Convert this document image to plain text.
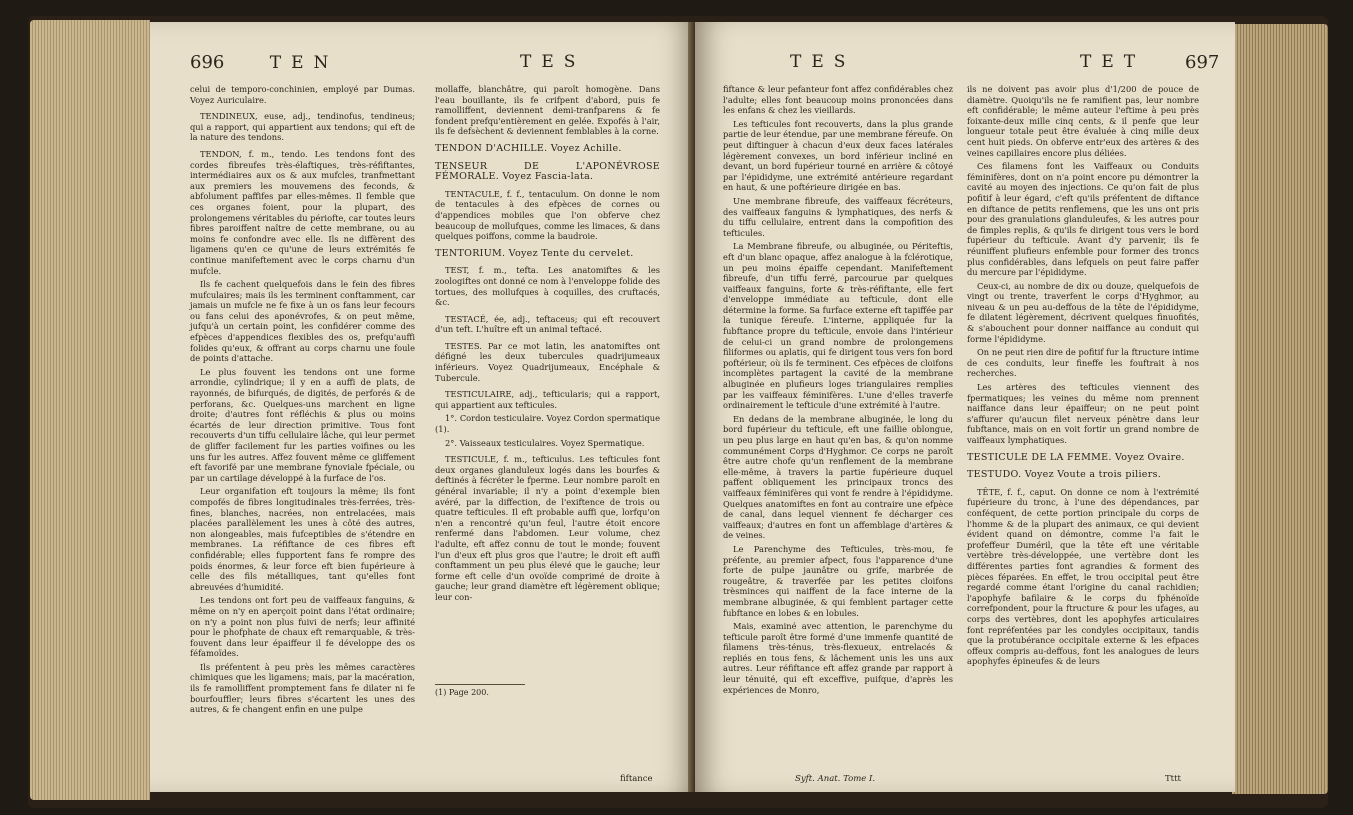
696	TEN	TES

celui de temporo-conchinien, employé par Dumas. Voyez Auriculaire.

TENDINEUX, euse, adj., tendinofus, tendineus; qui a rapport, qui appartient aux tendons; qui eft de la nature des tendons.

TENDON, f. m., tendo. Les tendons font des cordes fibreufes très-élaftiques, très-réfiftantes, intermédiaires aux os & aux mufcles, tranfmettant aux premiers les mouvemens des feconds, & abfolument paffifes par elles-mêmes. Il femble que ces organes foient, pour la plupart, des prolongemens véritables du périofte, car toutes leurs fibres paroiffent naître de cette membrane, ou au moins fe confondre avec elle. Ils ne diffèrent des ligamens qu'en ce qu'une de leurs extrémités fe continue manifeftement avec le corps charnu d'un mufcle.

Ils fe cachent quelquefois dans le fein des fibres mufculaires; mais ils les terminent conftamment, car jamais un mufcle ne fe fixe à un os fans leur fecours ou fans celui des aponévrofes, & on peut même, jufqu'à un certain point, les confidérer comme des efpèces d'appendices flexibles des os, prefqu'auffi folides qu'eux, & offrant au corps charnu une foule de points d'attache.

Le plus fouvent les tendons ont une forme arrondie, cylindrique; il y en a auffi de plats, de rayonnés, de bifurqués, de digités, de perforés & de perforans, &c. Quelques-uns marchent en ligne droite; d'autres font réfléchis & plus ou moins écartés de leur direction primitive. Tous font recouverts d'un tiffu cellulaire lâche, qui leur permet de gliffer facilement fur les parties voifines ou les uns fur les autres. Affez fouvent même ce gliffement eft favorifé par une membrane fynoviale fpéciale, ou par un cartilage développé à la furface de l'os.

Leur organifation eft toujours la même; ils font compofés de fibres longitudinales très-ferrées, très-fines, blanches, nacrées, non entrelacées, mais placées parallèlement les unes à côté des autres, non alongeables, mais fufceptibles de s'étendre en membranes. La réfiftance de ces fibres eft confidérable; elles fupportent fans fe rompre des poids énormes, & leur force eft bien fupérieure à celle des fils métalliques, tant qu'elles font abreuvées d'humidité.

Les tendons ont fort peu de vaiffeaux fanguins, & même on n'y en aperçoit point dans l'état ordinaire; on n'y a point non plus fuivi de nerfs; leur affinité pour le phofphate de chaux eft remarquable, & très-fouvent dans leur épaiffeur il fe développe des os féfamoïdes.

Ils préfentent à peu près les mêmes caractères chimiques que les ligamens; mais, par la macération, ils fe ramolliffent promptement fans fe dilater ni fe bourfouffler; leurs fibres s'écartent les unes des autres, & fe changent enfin en une pulpe

mollaffe, blanchâtre, qui paroît homogène. Dans l'eau bouillante, ils fe crifpent d'abord, puis fe ramolliffent, deviennent demi-tranfparens & fe fondent prefqu'entièrement en gelée. Expofés à l'air, ils fe defsèchent & deviennent femblables à la corne.

TENDON D'ACHILLE. Voyez Achille.

TENSEUR DE L'APONÉVROSE FÉMORALE. Voyez Fascia-lata.

TENTACULE, f. f., tentaculum. On donne le nom de tentacules à des efpèces de cornes ou d'appendices mobiles que l'on obferve chez beaucoup de mollufques, comme les limaces, & dans quelques poiffons, comme la baudroie.

TENTORIUM. Voyez Tente du cervelet.

TEST, f. m., tefta. Les anatomiftes & les zoologiftes ont donné ce nom à l'enveloppe folide des tortues, des mollufques à coquilles, des cruftacés, &c.

TESTACÉ, ée, adj., teftaceus; qui eft recouvert d'un teft. L'huître eft un animal teftacé.

TESTES. Par ce mot latin, les anatomiftes ont défigné les deux tubercules quadrijumeaux inférieurs. Voyez Quadrijumeaux, Encéphale & Tubercule.

TESTICULAIRE, adj., tefticularis; qui a rapport, qui appartient aux tefticules.

1°. Cordon testiculaire. Voyez Cordon spermatique (1).

2°. Vaisseaux testiculaires. Voyez Spermatique.

TESTICULE, f. m., tefticulus. Les tefticules font deux organes glanduleux logés dans les bourfes & deftinés à fécréter le fperme. Leur nombre paroît en général invariable; il n'y a point d'exemple bien avéré, par la diffection, de l'exiftence de trois ou quatre tefticules. Il eft probable auffi que, lorfqu'on n'en a rencontré qu'un feul, l'autre étoit encore renfermé dans l'abdomen. Leur volume, chez l'adulte, eft affez connu de tout le monde; fouvent l'un d'eux eft plus gros que l'autre; le droit eft auffi conftamment un peu plus élevé que le gauche; leur forme eft celle d'un ovoïde comprimé de droite à gauche; leur grand diamètre eft légèrement oblique; leur con-

(1) Page 200.
fiftance
TES	TET 697

fiftance & leur pefanteur font affez confidérables chez l'adulte; elles font beaucoup moins prononcées dans les enfans & chez les vieillards.

Les tefticules font recouverts, dans la plus grande partie de leur étendue, par une membrane féreufe. On peut diftinguer à chacun d'eux deux faces latérales légèrement convexes, un bord inférieur incliné en devant, un bord fupérieur tourné en arrière & côtoyé par l'épididyme, une extrémité antérieure regardant en haut, & une poftérieure dirigée en bas.

Une membrane fibreufe, des vaiffeaux fécréteurs, des vaiffeaux fanguins & lymphatiques, des nerfs & du tiffu cellulaire, entrent dans la compofition des tefticules.

La Membrane fibreufe, ou albuginée, ou Périteftis, eft d'un blanc opaque, affez analogue à la fclérotique, un peu moins épaiffe cependant. Manifeftement fibreufe, d'un tiffu ferré, parcourue par quelques vaiffeaux fanguins, forte & très-réfiftante, elle fert d'enveloppe immédiate au tefticule, dont elle détermine la forme. Sa furface externe eft tapiffée par la tunique féreufe. L'interne, appliquée fur la fubftance propre du tefticule, envoie dans l'intérieur de celui-ci un grand nombre de prolongemens filiformes ou aplatis, qui fe dirigent tous vers fon bord poftérieur, où ils fe terminent. Ces efpèces de cloifons incomplètes partagent la cavité de la membrane albuginée en plufieurs loges triangulaires remplies par les vaiffeaux féminifères. L'une d'elles traverfe ordinairement le tefticule d'une extrémité à l'autre.

En dedans de la membrane albuginée, le long du bord fupérieur du tefticule, eft une faillie oblongue, un peu plus large en haut qu'en bas, & qu'on nomme communément Corps d'Hyghmor. Ce corps ne paroît être autre chofe qu'un renflement de la membrane elle-même, à travers la partie fupérieure duquel paffent obliquement les principaux troncs des vaiffeaux féminifères qui vont fe rendre à l'épididyme. Quelques anatomiftes en font au contraire une efpèce de canal, dans lequel viennent fe décharger ces vaiffeaux; d'autres en font un affemblage d'artères & de veines.

Le Parenchyme des Tefticules, très-mou, fe préfente, au premier afpect, fous l'apparence d'une forte de pulpe jaunâtre ou grife, marbrée de rougeâtre, & traverfée par les petites cloifons trèsminces qui naiffent de la face interne de la membrane albuginée, & qui femblent partager cette fubftance en lobes & en lobules.

Mais, examiné avec attention, le parenchyme du tefticule paroît être formé d'une immenfe quantité de filamens très-ténus, très-flexueux, entrelacés & repliés en tous fens, & lâchement unis les uns aux autres. Leur réfiftance eft affez grande par rapport à leur ténuité, qui eft exceffive, puifque, d'après les expériences de Monro,

ils ne doivent pas avoir plus d'1/200 de pouce de diamètre. Quoiqu'ils ne fe ramifient pas, leur nombre eft confidérable; le même auteur l'eftime à peu près foixante-deux mille cinq cents, & il penfe que leur longueur totale peut être évaluée à cinq mille deux cent huit pieds. On obferve entr'eux des artères & des veines capillaires encore plus déliées.

Ces filamens font les Vaiffeaux ou Conduits féminifères, dont on n'a point encore pu démontrer la cavité au moyen des injections. Ce qu'on fait de plus pofitif à leur égard, c'eft qu'ils préfentent de diftance en diftance de petits renflemens, que les uns ont pris pour des granulations glanduleufes, & les autres pour de fimples replis, & qu'ils fe dirigent tous vers le bord fupérieur du tefticule. Avant d'y parvenir, ils fe réuniffent plufieurs enfemble pour former des troncs plus confidérables, dans lefquels on peut faire paffer du mercure par l'épididyme.

Ceux-ci, au nombre de dix ou douze, quelquefois de vingt ou trente, traverfent le corps d'Hyghmor, au niveau & un peu au-deffous de la tête de l'épididyme, fe dilatent légèrement, décrivent quelques finuofités, & s'abouchent pour donner naiffance au conduit qui forme l'épididyme.

On ne peut rien dire de pofitif fur la ftructure intime de ces conduits, leur fineffe les fouftrait à nos recherches.

Les artères des tefticules viennent des fpermatiques; les veines du même nom prennent naiffance dans leur épaiffeur; on ne peut point s'affurer qu'aucun filet nerveux pénètre dans leur fubftance, mais on en voit fortir un grand nombre de vaiffeaux lymphatiques.

TESTICULE DE LA FEMME. Voyez Ovaire.

TESTUDO. Voyez Voute a trois piliers.

TÊTE, f. f., caput. On donne ce nom à l'extrémité fupérieure du tronc, à l'une des dépendances, par conféquent, de cette portion principale du corps de l'homme & de la plupart des animaux, ce qui devient évident quand on démontre, comme l'a fait le profeffeur Duméril, que la tête eft une véritable vertèbre très-développée, une vertèbre dont les différentes parties font agrandies & forment des pièces féparées. En effet, le trou occipital peut être regardé comme étant l'origine du canal rachidien; l'apophyfe bafilaire & le corps du fphénoïde correfpondent, pour la ftructure & pour les ufages, au corps des vertèbres, dont les apophyfes articulaires font repréfentées par les condyles occipitaux, tandis que la protubérance occipitale externe & les efpaces offeux compris au-deffous, font les analogues de leurs apophyfes épineufes & de leurs

Syft. Anat. Tome I.	Tttt
